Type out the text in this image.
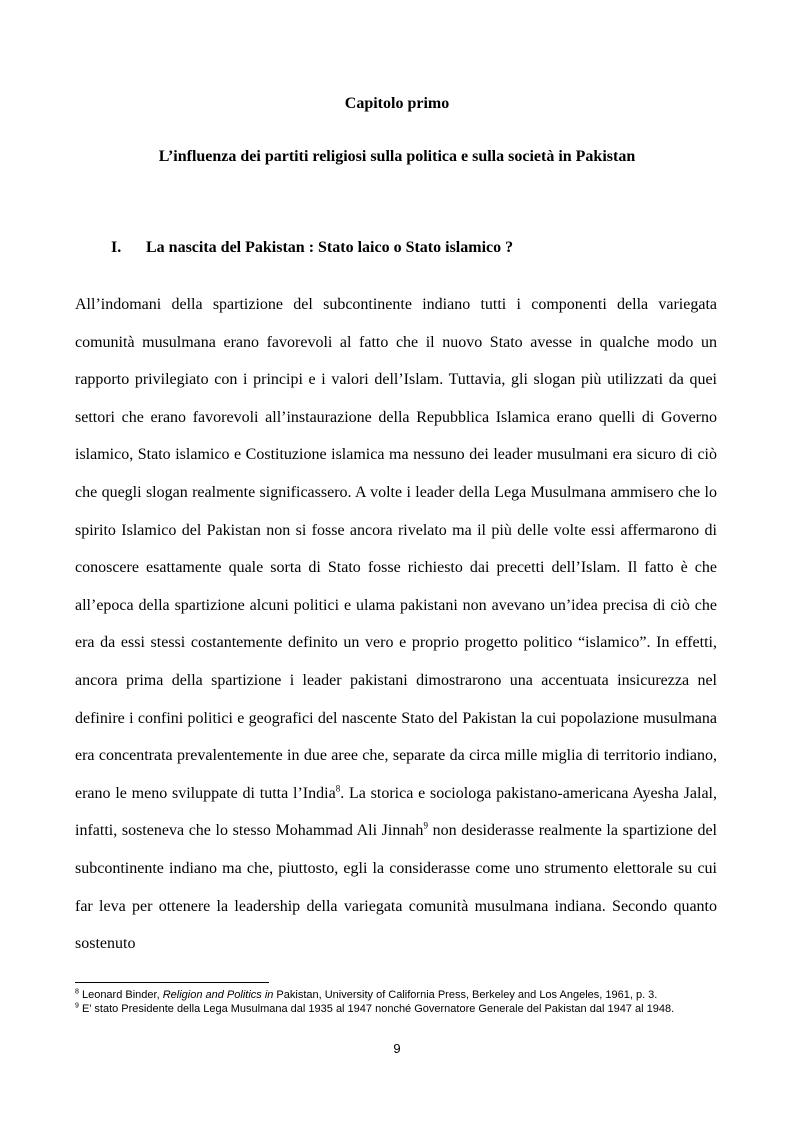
Capitolo primo
L’influenza dei partiti religiosi sulla politica e sulla società in Pakistan
I. La nascita del Pakistan : Stato laico o Stato islamico ?

All’indomani della spartizione del subcontinente indiano tutti i componenti della variegata comunità musulmana erano favorevoli al fatto che il nuovo Stato avesse in qualche modo un rapporto privilegiato con i principi e i valori dell’Islam. Tuttavia, gli slogan più utilizzati da quei settori che erano favorevoli all’instaurazione della Repubblica Islamica erano quelli di Governo islamico, Stato islamico e Costituzione islamica ma nessuno dei leader musulmani era sicuro di ciò che quegli slogan realmente significassero. A volte i leader della Lega Musulmana ammisero che lo spirito Islamico del Pakistan non si fosse ancora rivelato ma il più delle volte essi affermarono di conoscere esattamente quale sorta di Stato fosse richiesto dai precetti dell’Islam. Il fatto è che all’epoca della spartizione alcuni politici e ulama pakistani non avevano un’idea precisa di ciò che era da essi stessi costantemente definito un vero e proprio progetto politico “islamico”. In effetti, ancora prima della spartizione i leader pakistani dimostrarono una accentuata insicurezza nel definire i confini politici e geografici del nascente Stato del Pakistan la cui popolazione musulmana era concentrata prevalentemente in due aree che, separate da circa mille miglia di territorio indiano, erano le meno sviluppate di tutta l’India$^8$. La storica e sociologa pakistano-americana Ayesha Jalal, infatti, sosteneva che lo stesso Mohammad Ali Jinnah$^9$ non desiderasse realmente la spartizione del subcontinente indiano ma che, piuttosto, egli la considerasse come uno strumento elettorale su cui far leva per ottenere la leadership della variegata comunità musulmana indiana. Secondo quanto sostenuto

$^8$ Leonard Binder, Religion and Politics in Pakistan, University of California Press, Berkeley and Los Angeles, 1961, p. 3.

$^9$ E’ stato Presidente della Lega Musulmana dal 1935 al 1947 nonché Governatore Generale del Pakistan dal 1947 al 1948.

9
